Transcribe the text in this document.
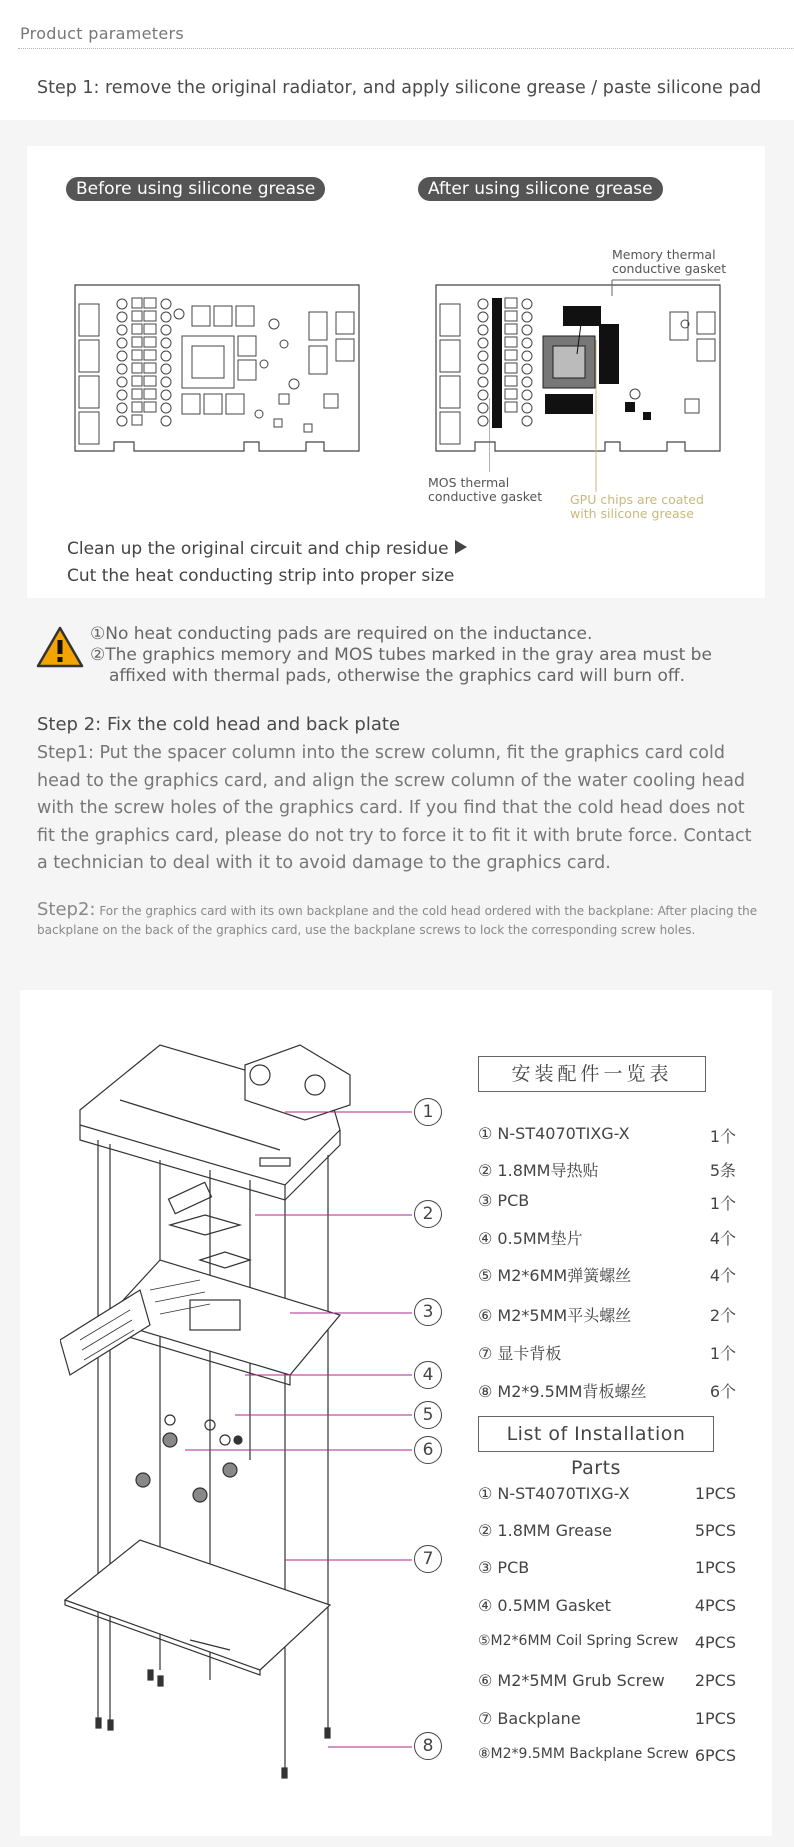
Product parameters
Step 1: remove the original radiator, and apply silicone grease / paste silicone pad
Before using silicone grease	After using silicone grease
Memory thermal
conductive gasket
MOS thermal
conductive gasket GPU chips are coated
with silicone grease
Clean up the original circuit and chip residue
Cut the heat conducting strip into proper size
①No heat conducting pads are required on the inductance.
②The graphics memory and MOS tubes marked in the gray area must be
affixed with thermal pads, otherwise the graphics card will burn off.
Step 2: Fix the cold head and back plate
Step1: Put the spacer column into the screw column, fit the graphics card cold head to the graphics card, and align the screw column of the water cooling head with the screw holes of the graphics card. If you find that the cold head does not fit the graphics card, please do not try to force it to fit it with brute force. Contact a technician to deal with it to avoid damage to the graphics card.
Step2: For the graphics card with its own backplane and the cold head ordered with the backplane: After placing the backplane on the back of the graphics card, use the backplane screws to lock the corresponding screw holes.
1
2
3
4
5
6
7
8
安装配件一览表
① N-ST4070TIXG-X	1个
② 1.8MM导热贴	5条
③ PCB	1个
④ 0.5MM垫片	4个
⑤ M2*6MM弹簧螺丝	4个
⑥ M2*5MM平头螺丝	2个
⑦ 显卡背板	1个
⑧ M2*9.5MM背板螺丝	6个
List of Installation Parts
① N-ST4070TIXG-X	1PCS
② 1.8MM Grease	5PCS
③ PCB	1PCS
④ 0.5MM Gasket	4PCS
⑤M2*6MM Coil Spring Screw	4PCS
⑥ M2*5MM Grub Screw	2PCS
⑦ Backplane	1PCS
⑧M2*9.5MM Backplane Screw 6PCS
